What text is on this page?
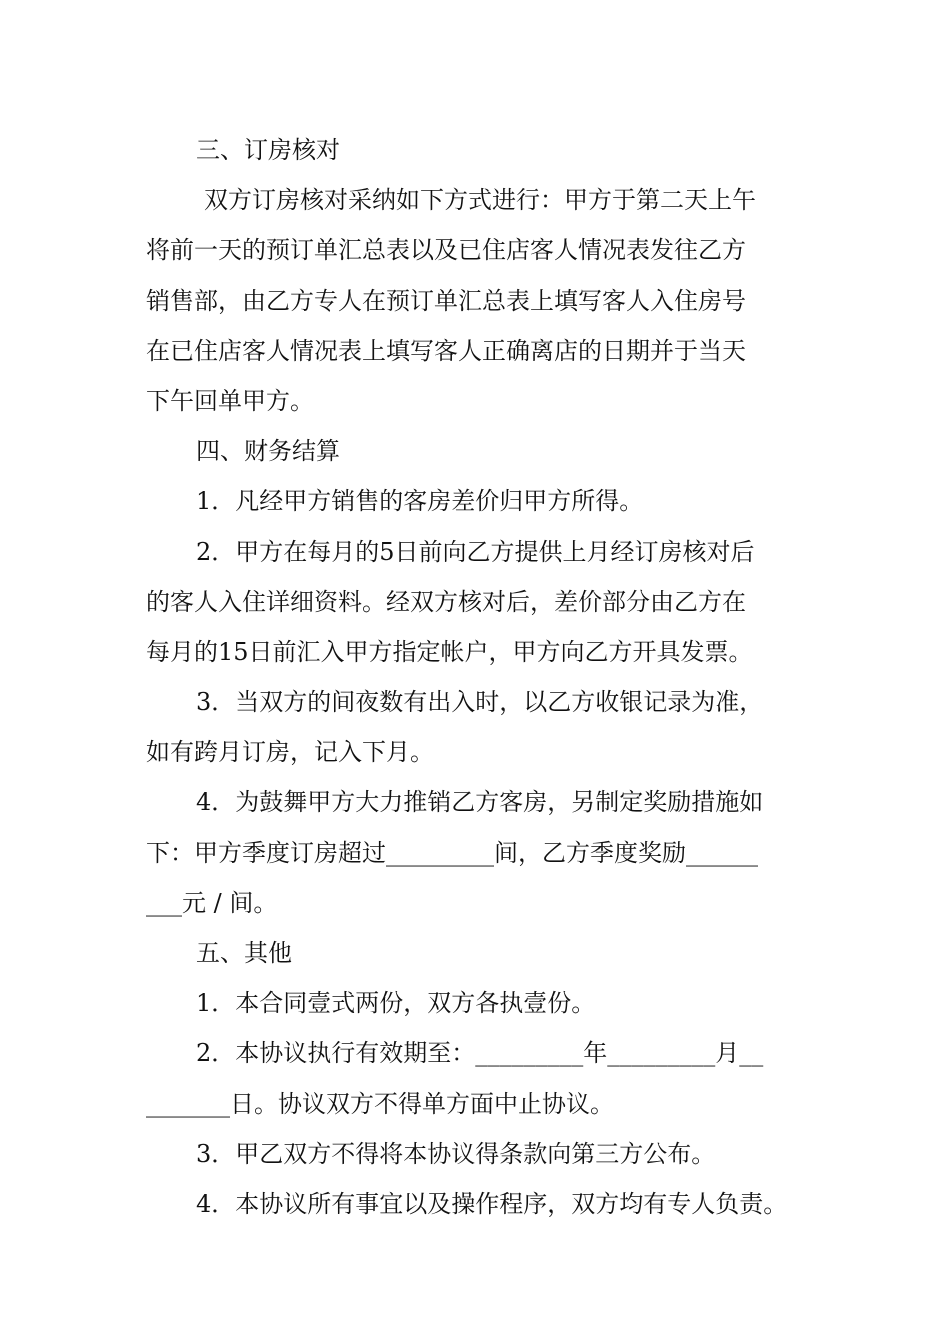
三、订房核对
双方订房核对采纳如下方式进行：甲方于第二天上午
将前一天的预订单汇总表以及已住店客人情况表发往乙方
销售部，由乙方专人在预订单汇总表上填写客人入住房号
在已住店客人情况表上填写客人正确离店的日期并于当天
下午回单甲方。
四、财务结算
1．凡经甲方销售的客房差价归甲方所得。
2．甲方在每月的5日前向乙方提供上月经订房核对后
的客人入住详细资料。经双方核对后，差价部分由乙方在
每月的15日前汇入甲方指定帐户，甲方向乙方开具发票。
3．当双方的间夜数有出入时，以乙方收银记录为准，
如有跨月订房，记入下月。
4．为鼓舞甲方大力推销乙方客房，另制定奖励措施如
下：甲方季度订房超过_________间，乙方季度奖励______
___元 / 间。
五、其他
1．本合同壹式两份，双方各执壹份。
2．本协议执行有效期至：_________年_________月__
_______日。协议双方不得单方面中止协议。
3．甲乙双方不得将本协议得条款向第三方公布。
4．本协议所有事宜以及操作程序，双方均有专人负责。
